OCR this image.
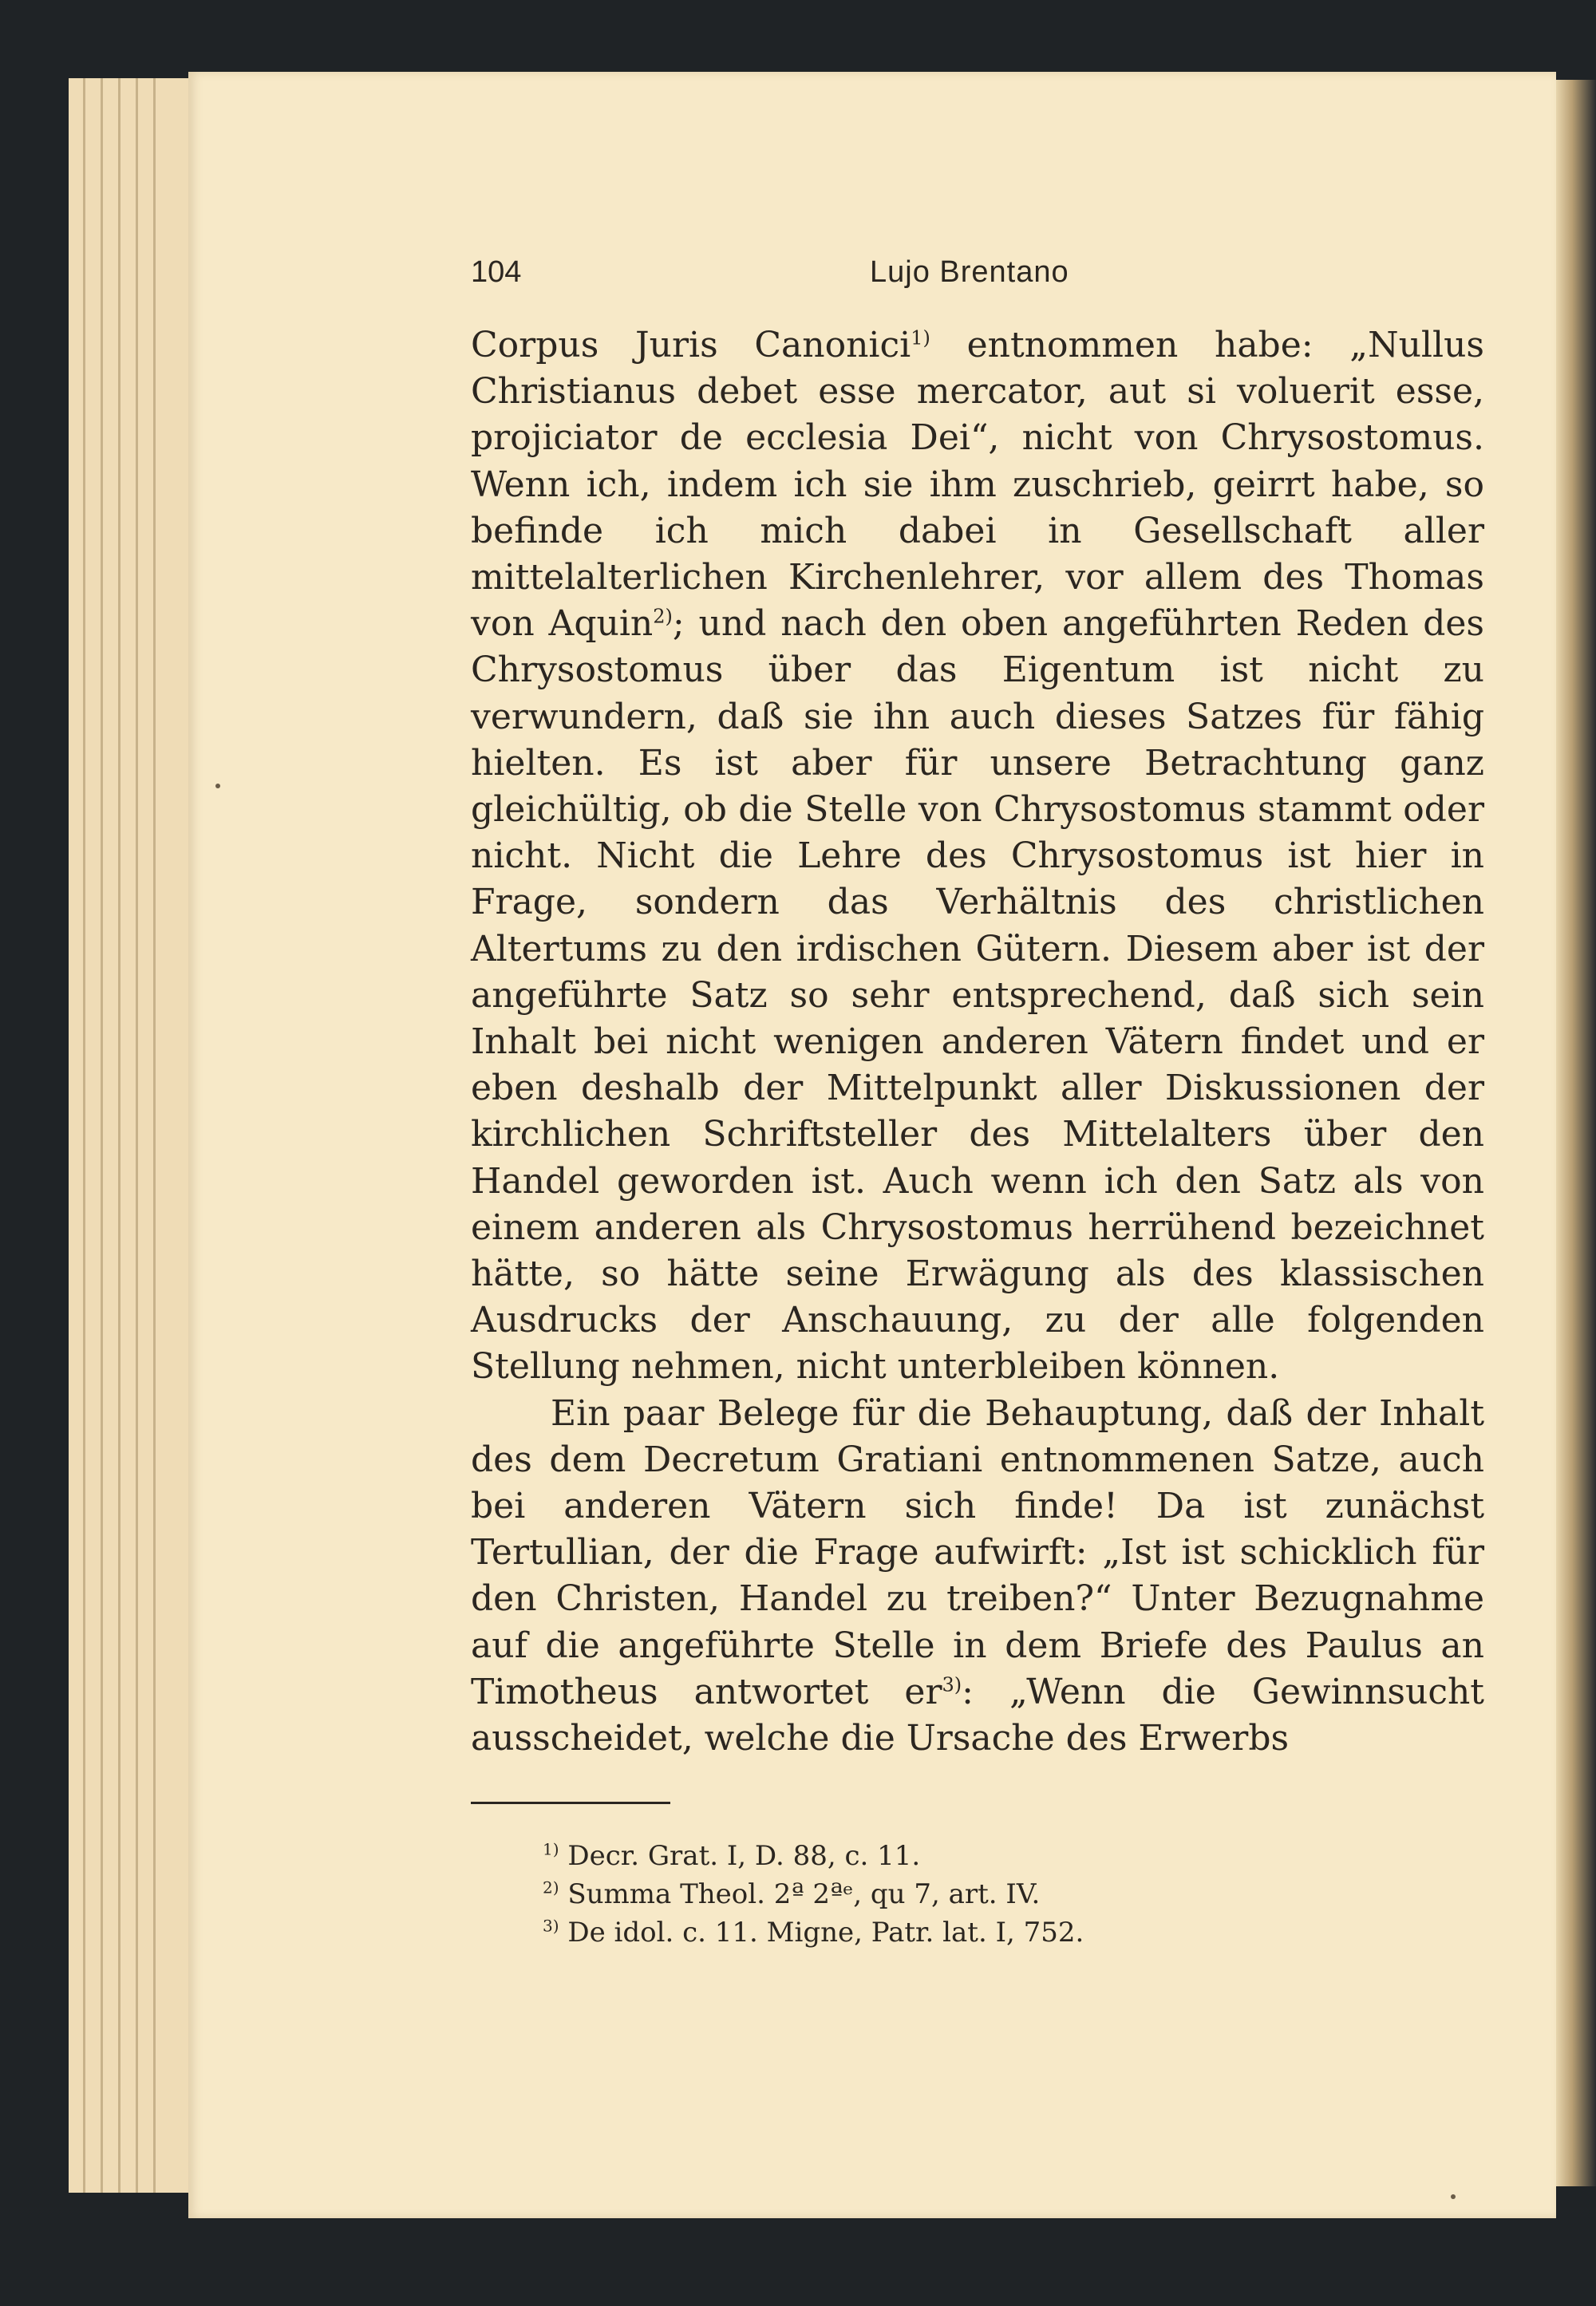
104	Lujo Brentano

Corpus Juris Canonici$^{1)}$ entnommen habe: „Nullus Christianus debet esse mercator, aut si voluerit esse, projiciator de ecclesia Dei“, nicht von Chrysostomus. Wenn ich, indem ich sie ihm zuschrieb, geirrt habe, so befinde ich mich dabei in Gesellschaft aller mittelalterlichen Kirchenlehrer, vor allem des Thomas von Aquin$^{2)}$; und nach den oben angeführten Reden des Chrysostomus über das Eigentum ist nicht zu verwundern, daß sie ihn auch dieses Satzes für fähig hielten. Es ist aber für unsere Betrachtung ganz gleichültig, ob die Stelle von Chrysostomus stammt oder nicht. Nicht die Lehre des Chrysostomus ist hier in Frage, sondern das Verhältnis des christlichen Altertums zu den irdischen Gütern. Diesem aber ist der angeführte Satz so sehr entsprechend, daß sich sein Inhalt bei nicht wenigen anderen Vätern findet und er eben deshalb der Mittelpunkt aller Diskussionen der kirchlichen Schriftsteller des Mittelalters über den Handel geworden ist. Auch wenn ich den Satz als von einem anderen als Chrysostomus herrühend bezeichnet hätte, so hätte seine Erwägung als des klassischen Ausdrucks der Anschauung, zu der alle folgenden Stellung nehmen, nicht unterbleiben können.

Ein paar Belege für die Behauptung, daß der Inhalt des dem Decretum Gratiani entnommenen Satze, auch bei anderen Vätern sich finde! Da ist zunächst Tertullian, der die Frage aufwirft: „Ist ist schicklich für den Christen, Handel zu treiben?“ Unter Bezugnahme auf die angeführte Stelle in dem Briefe des Paulus an Timotheus antwortet $er^{3)}$: „Wenn die Gewinnsucht ausscheidet, welche die Ursache des Erwerbs

$^{1)}$ Decr. Grat. I, D. 88, c. 11.
$^{2)}$ Summa Theol. 2ª 2ªᵉ, qu 7, art. IV.
$^{3)}$ De idol. c. 11. Migne, Patr. lat. I, 752.
